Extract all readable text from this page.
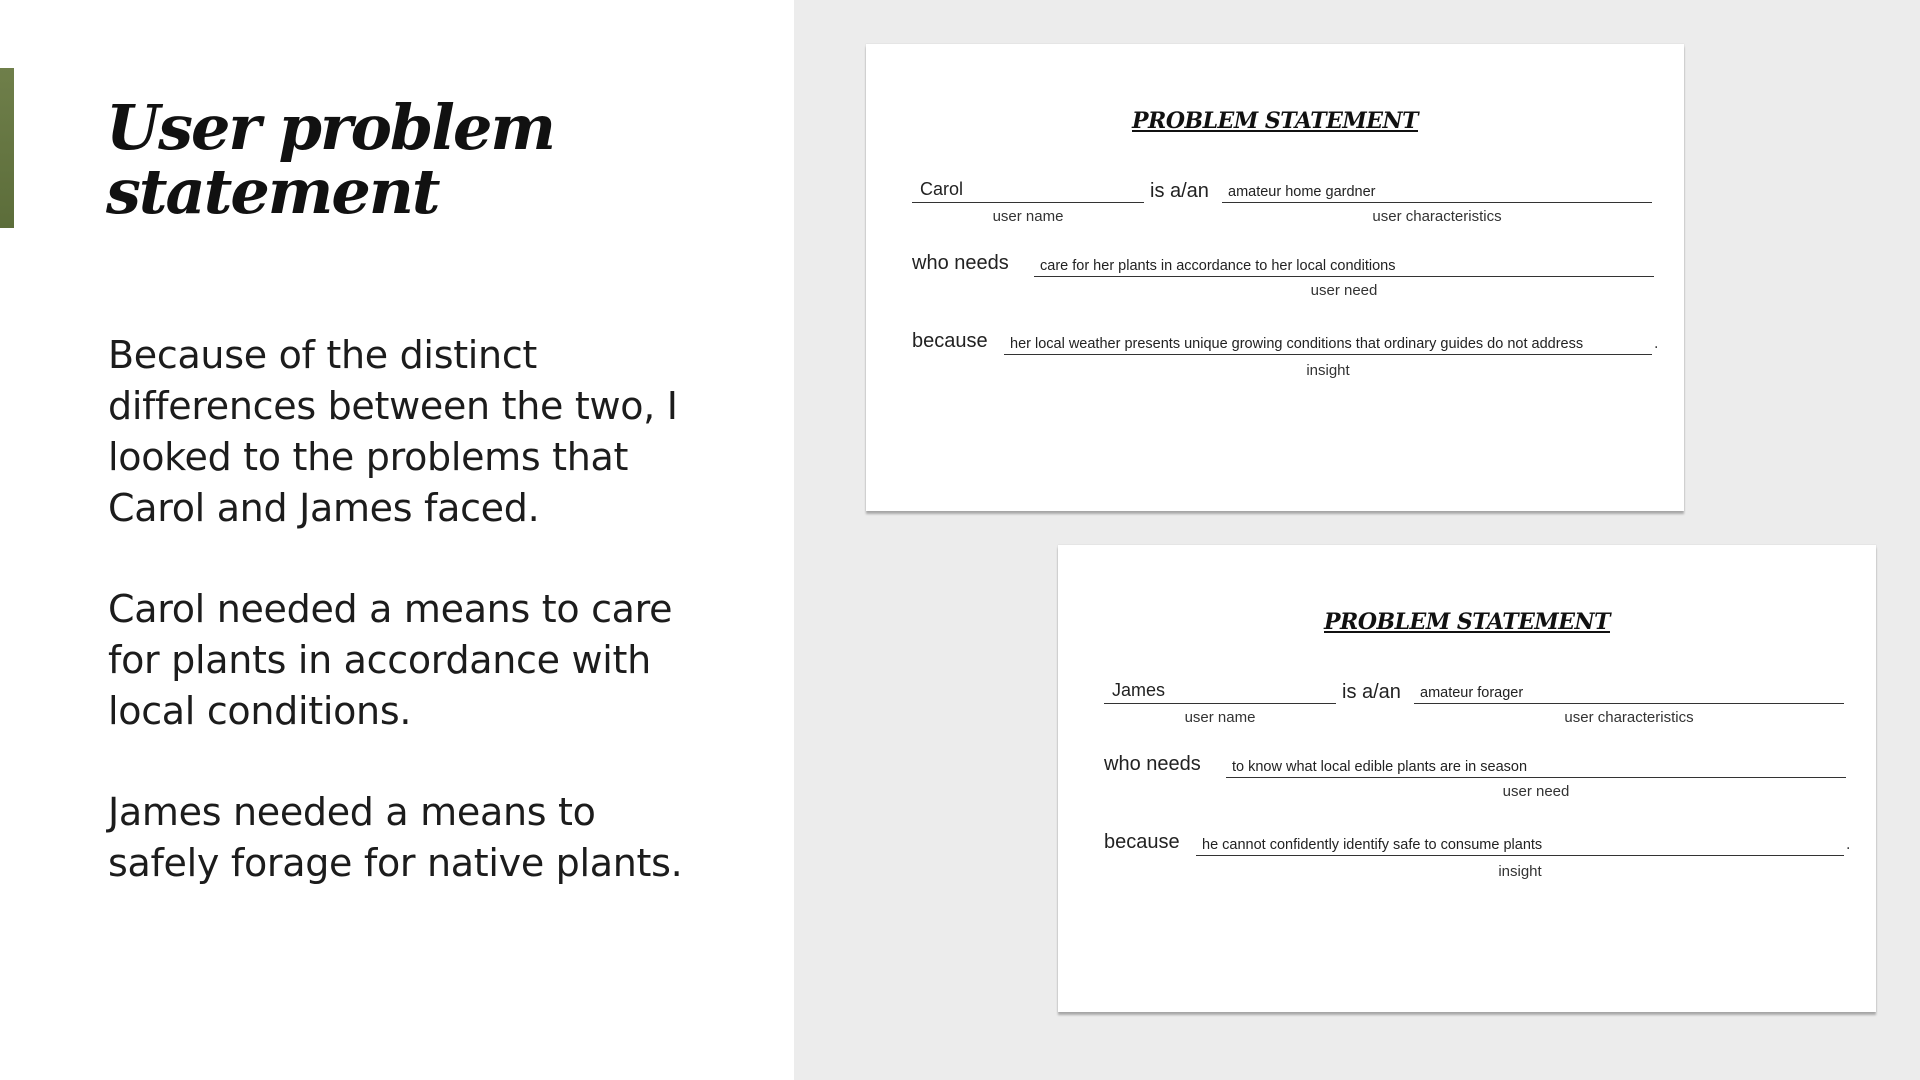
User problem statement

Because of the distinct differences between the two, I looked to the problems that Carol and James faced.

Carol needed a means to care for plants in accordance with local conditions.

James needed a means to safely forage for native plants.

PROBLEM STATEMENT
Carol	is a/an amateur home gardner
user name	user characteristics
who needs care for her plants in accordance to her local conditions
user need
because her local weather presents unique growing conditions that ordinary guides do not address	.
insight
PROBLEM STATEMENT
James	is a/an amateur forager
user name	user characteristics
who needs to know what local edible plants are in season
user need
because he cannot confidently identify safe to consume plants	.
insight
